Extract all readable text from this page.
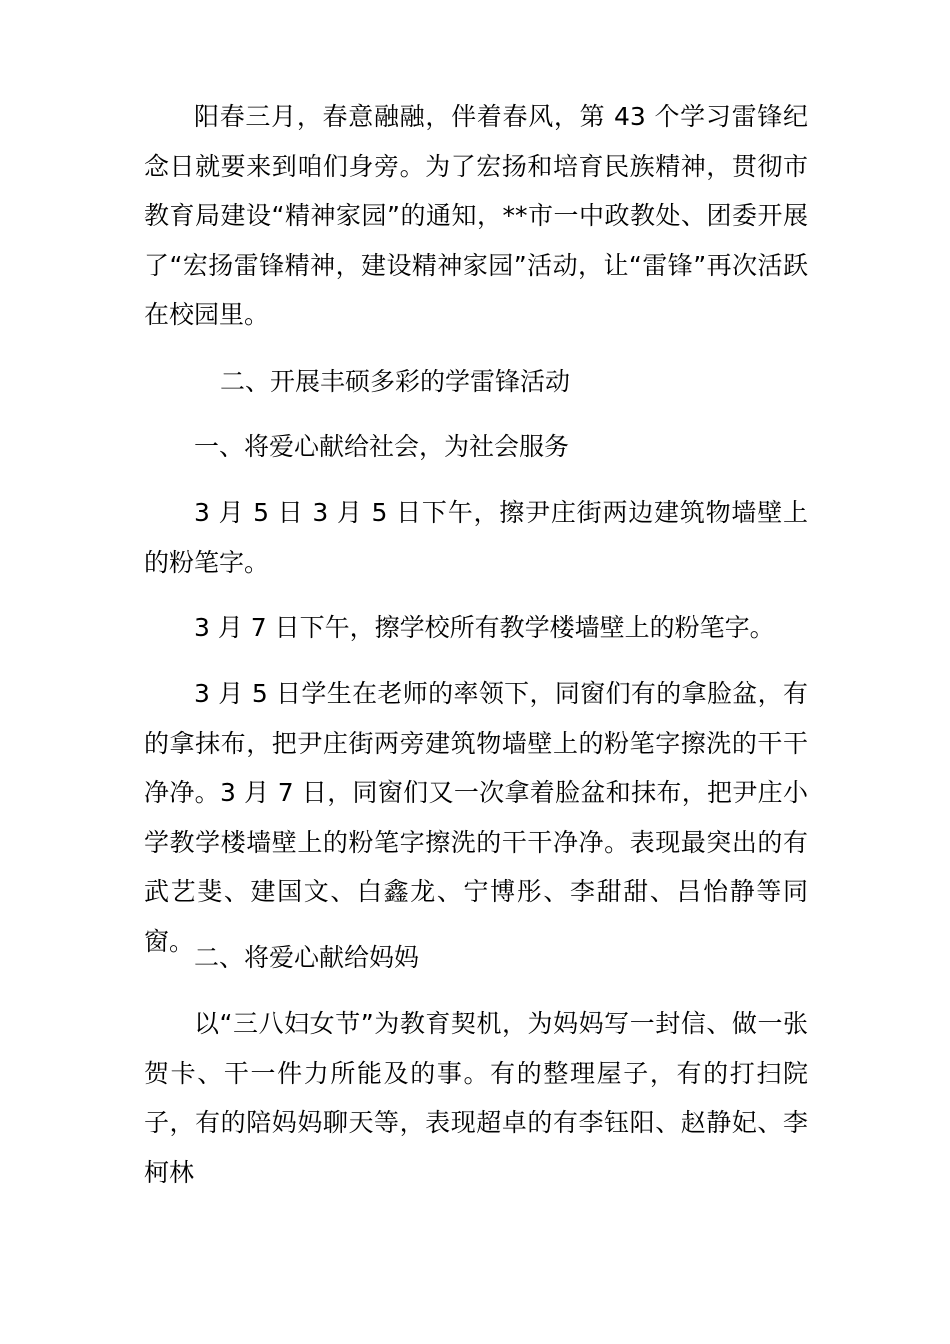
阳春三月，春意融融，伴着春风，第 43 个学习雷锋纪念日就要来到咱们身旁。为了宏扬和培育民族精神，贯彻市教育局建设“精神家园”的通知，**市一中政教处、团委开展了“宏扬雷锋精神，建设精神家园”活动，让“雷锋”再次活跃在校园里。

二、开展丰硕多彩的学雷锋活动

一、将爱心献给社会，为社会服务

3 月 5 日 3 月 5 日下午，擦尹庄街两边建筑物墙壁上的粉笔字。

3 月 7 日下午，擦学校所有教学楼墙壁上的粉笔字。

3 月 5 日学生在老师的率领下，同窗们有的拿脸盆，有的拿抹布，把尹庄街两旁建筑物墙壁上的粉笔字擦洗的干干净净。3 月 7 日，同窗们又一次拿着脸盆和抹布，把尹庄小学教学楼墙壁上的粉笔字擦洗的干干净净。表现最突出的有武艺斐、建国文、白鑫龙、宁博彤、李甜甜、吕怡静等同窗。

二、将爱心献给妈妈

以“三八妇女节”为教育契机，为妈妈写一封信、做一张贺卡、干一件力所能及的事。有的整理屋子，有的打扫院子，有的陪妈妈聊天等，表现超卓的有李钰阳、赵静妃、李柯林
